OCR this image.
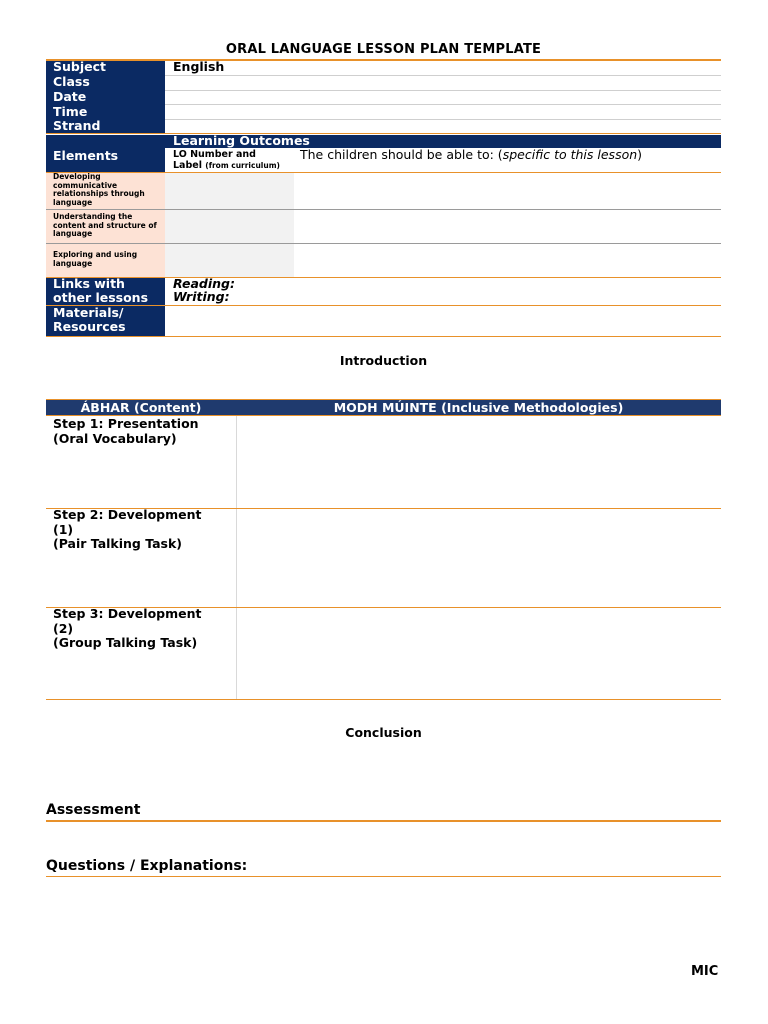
ORAL LANGUAGE LESSON PLAN TEMPLATE
Subject	English
Class
Date
Time
Strand
Elements
Learning Outcomes
LO Number and
Label (from curriculum)
The children should be able to: (specific to this lesson)
Developing communicative relationships through language
Understanding the content and structure of language
Exploring and using language
Links with
other lessons
Reading:
Writing:
Materials/
Resources
Introduction
ÁBHAR (Content)	MODH MÚINTE (Inclusive Methodologies)
Step 1: Presentation
(Oral Vocabulary)
Step 2: Development
(1)
(Pair Talking Task)
Step 3: Development
(2)
(Group Talking Task)
Conclusion
Assessment
Questions / Explanations:
MIC
